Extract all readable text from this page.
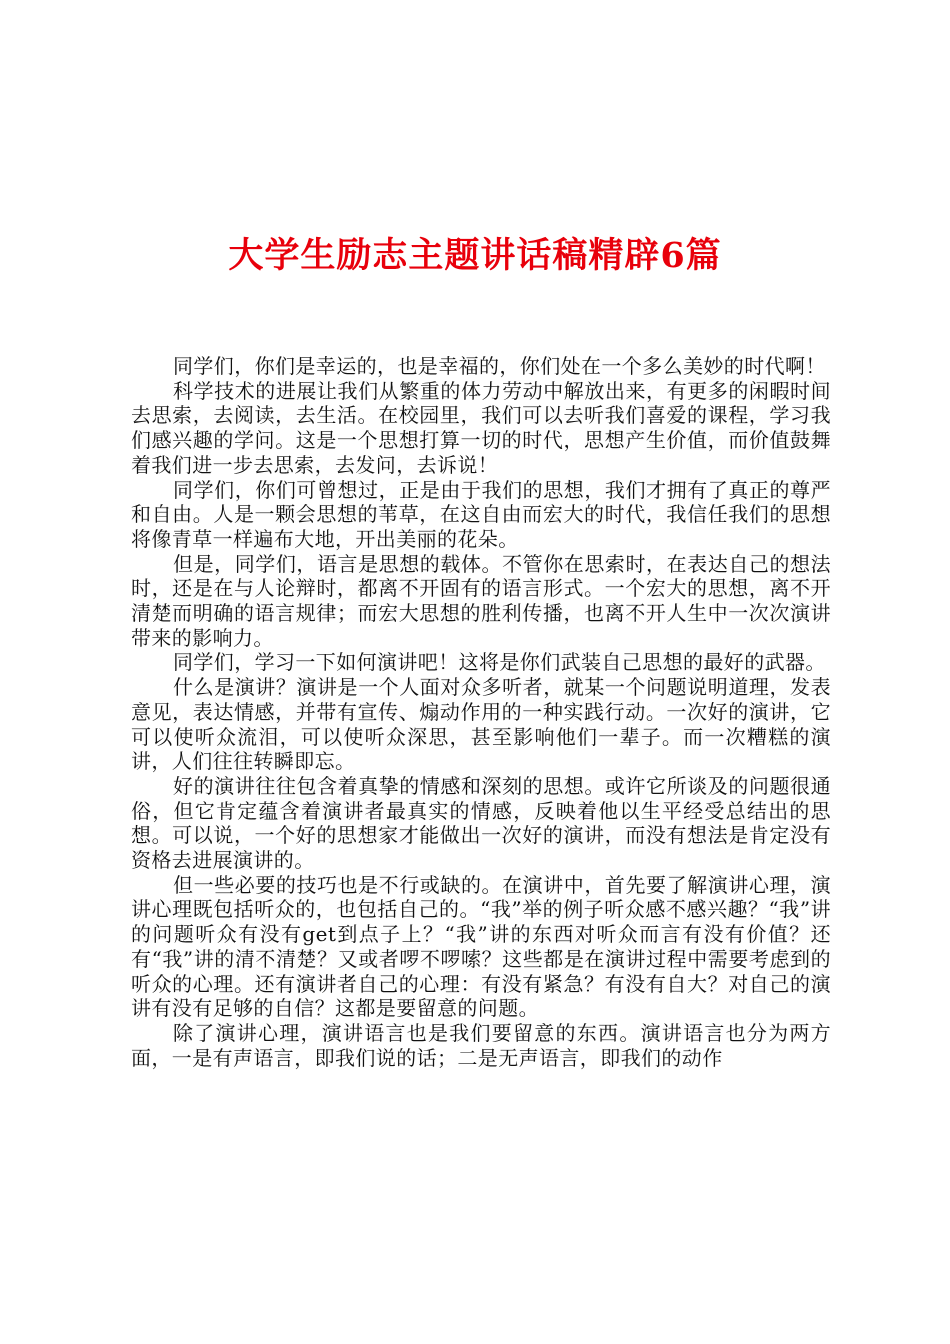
大学生励志主题讲话稿精辟6篇

同学们，你们是幸运的，也是幸福的，你们处在一个多么美妙的时代啊！

科学技术的进展让我们从繁重的体力劳动中解放出来，有更多的闲暇时间去思索，去阅读，去生活。在校园里，我们可以去听我们喜爱的课程，学习我们感兴趣的学问。这是一个思想打算一切的时代，思想产生价值，而价值鼓舞着我们进一步去思索，去发问，去诉说！

同学们，你们可曾想过，正是由于我们的思想，我们才拥有了真正的尊严和自由。人是一颗会思想的苇草，在这自由而宏大的时代，我信任我们的思想将像青草一样遍布大地，开出美丽的花朵。

但是，同学们，语言是思想的载体。不管你在思索时，在表达自己的想法时，还是在与人论辩时，都离不开固有的语言形式。一个宏大的思想，离不开清楚而明确的语言规律；而宏大思想的胜利传播，也离不开人生中一次次演讲带来的影响力。

同学们，学习一下如何演讲吧！这将是你们武装自己思想的最好的武器。

什么是演讲？演讲是一个人面对众多听者，就某一个问题说明道理，发表意见，表达情感，并带有宣传、煽动作用的一种实践行动。一次好的演讲，它可以使听众流泪，可以使听众深思，甚至影响他们一辈子。而一次糟糕的演讲，人们往往转瞬即忘。

好的演讲往往包含着真挚的情感和深刻的思想。或许它所谈及的问题很通俗，但它肯定蕴含着演讲者最真实的情感，反映着他以生平经受总结出的思想。可以说，一个好的思想家才能做出一次好的演讲，而没有想法是肯定没有资格去进展演讲的。

但一些必要的技巧也是不行或缺的。在演讲中，首先要了解演讲心理，演讲心理既包括听众的，也包括自己的。“我”举的例子听众感不感兴趣？“我”讲的问题听众有没有get到点子上？“我”讲的东西对听众而言有没有价值？还有“我”讲的清不清楚？又或者啰不啰嗦？这些都是在演讲过程中需要考虑到的听众的心理。还有演讲者自己的心理：有没有紧急？有没有自大？对自己的演讲有没有足够的自信？这都是要留意的问题。

除了演讲心理，演讲语言也是我们要留意的东西。演讲语言也分为两方面，一是有声语言，即我们说的话；二是无声语言，即我们的动作
